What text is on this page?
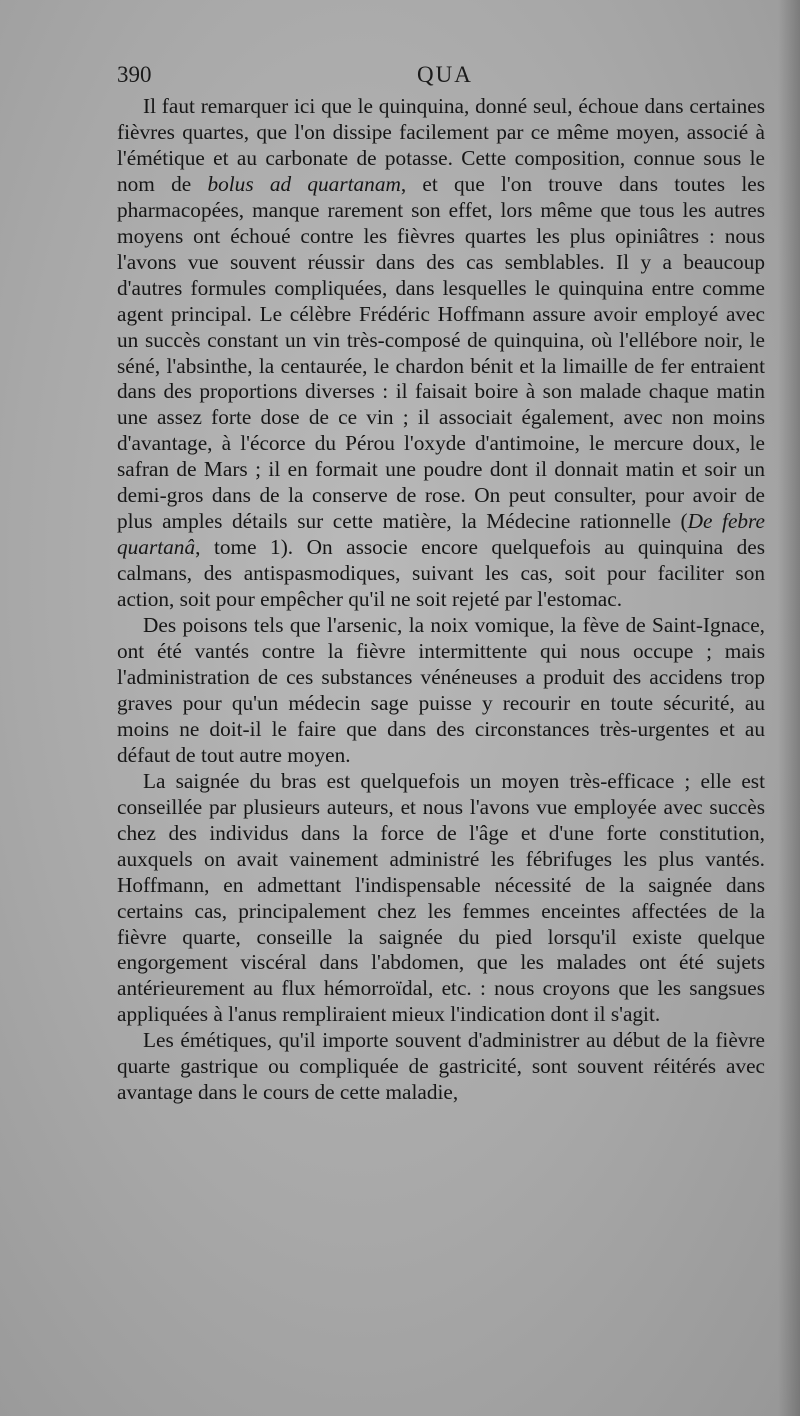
390	QUA

Il faut remarquer ici que le quinquina, donné seul, échoue dans certaines fièvres quartes, que l'on dissipe facilement par ce même moyen, associé à l'émétique et au carbonate de potasse. Cette composition, connue sous le nom de bolus ad quartanam, et que l'on trouve dans toutes les pharmacopées, manque rarement son effet, lors même que tous les autres moyens ont échoué contre les fièvres quartes les plus opiniâtres : nous l'avons vue souvent réussir dans des cas semblables. Il y a beaucoup d'autres formules compliquées, dans lesquelles le quinquina entre comme agent principal. Le célèbre Frédéric Hoffmann assure avoir employé avec un succès constant un vin très-composé de quinquina, où l'ellébore noir, le séné, l'absinthe, la centaurée, le chardon bénit et la limaille de fer entraient dans des proportions diverses : il faisait boire à son malade chaque matin une assez forte dose de ce vin ; il associait également, avec non moins d'avantage, à l'écorce du Pérou l'oxyde d'antimoine, le mercure doux, le safran de Mars ; il en formait une poudre dont il donnait matin et soir un demi-gros dans de la conserve de rose. On peut consulter, pour avoir de plus amples détails sur cette matière, la Médecine rationnelle (De febre quartanâ, tome 1). On associe encore quelquefois au quinquina des calmans, des antispasmodiques, suivant les cas, soit pour faciliter son action, soit pour empêcher qu'il ne soit rejeté par l'estomac.

Des poisons tels que l'arsenic, la noix vomique, la fève de Saint-Ignace, ont été vantés contre la fièvre intermittente qui nous occupe ; mais l'administration de ces substances vénéneuses a produit des accidens trop graves pour qu'un médecin sage puisse y recourir en toute sécurité, au moins ne doit-il le faire que dans des circonstances très-urgentes et au défaut de tout autre moyen.

La saignée du bras est quelquefois un moyen très-efficace ; elle est conseillée par plusieurs auteurs, et nous l'avons vue employée avec succès chez des individus dans la force de l'âge et d'une forte constitution, auxquels on avait vainement administré les fébrifuges les plus vantés. Hoffmann, en admettant l'indispensable nécessité de la saignée dans certains cas, principalement chez les femmes enceintes affectées de la fièvre quarte, conseille la saignée du pied lorsqu'il existe quelque engorgement viscéral dans l'abdomen, que les malades ont été sujets antérieurement au flux hémorroïdal, etc. : nous croyons que les sangsues appliquées à l'anus rempliraient mieux l'indication dont il s'agit.

Les émétiques, qu'il importe souvent d'administrer au début de la fièvre quarte gastrique ou compliquée de gastricité, sont souvent réitérés avec avantage dans le cours de cette maladie,
